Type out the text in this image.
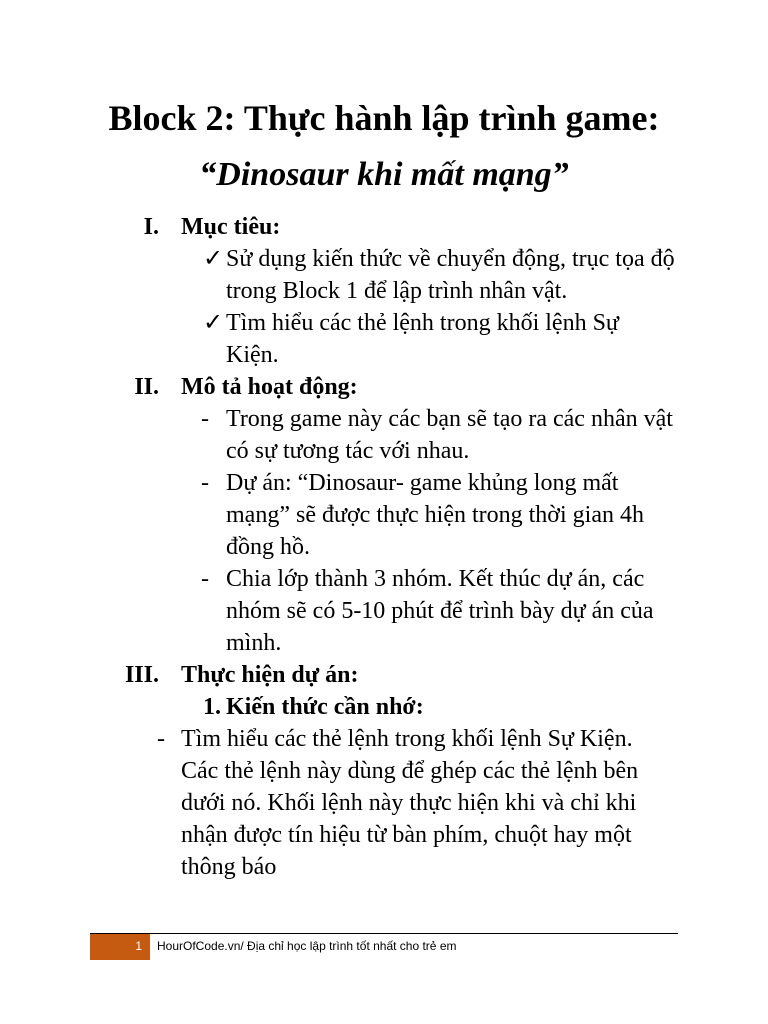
Block 2: Thực hành lập trình game:
“Dinosaur khi mất mạng”
I. Mục tiêu:
✓ Sử dụng kiến thức về chuyển động, trục tọa độ trong Block 1 để lập trình nhân vật.
✓ Tìm hiểu các thẻ lệnh trong khối lệnh Sự Kiện.
II. Mô tả hoạt động:
- Trong game này các bạn sẽ tạo ra các nhân vật có sự tương tác với nhau.
- Dự án: “Dinosaur- game khủng long mất mạng” sẽ được thực hiện trong thời gian 4h đồng hồ.
- Chia lớp thành 3 nhóm. Kết thúc dự án, các nhóm sẽ có 5-10 phút để trình bày dự án của mình.
III. Thực hiện dự án:
1. Kiến thức cần nhớ:
- Tìm hiểu các thẻ lệnh trong khối lệnh Sự Kiện. Các thẻ lệnh này dùng để ghép các thẻ lệnh bên dưới nó. Khối lệnh này thực hiện khi và chỉ khi nhận được tín hiệu từ bàn phím, chuột hay một thông báo
1 HourOfCode.vn/ Địa chỉ học lập trình tốt nhất cho trẻ em
